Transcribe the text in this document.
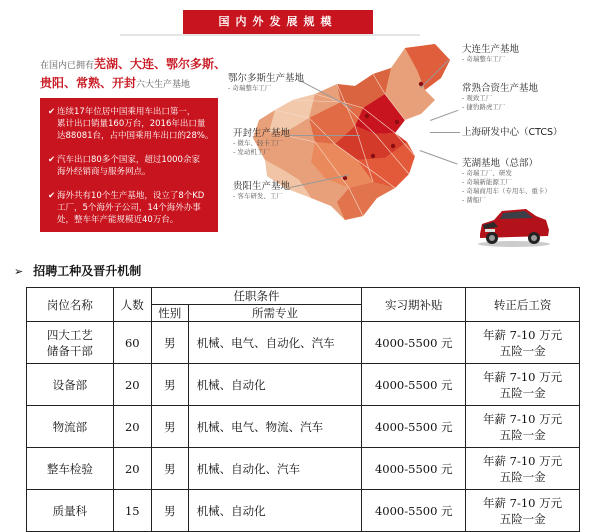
国内外发展规模
在国内已拥有芜湖、大连、鄂尔多斯、
贵阳、常熟、开封六大生产基地
✔ 连续17年位居中国乘用车出口第一，
累计出口销量160万台，2016年出口量
达88081台，占中国乘用车出口的28%。
✔ 汽车出口80多个国家，超过1000余家
海外经销商与服务网点。
✔ 海外共有10个生产基地，设立了8个KD
工厂，5个海外子公司，14个海外办事
处，整车年产能规模近40万台。
鄂尔多斯生产基地
- 奇瑞整车工厂
开封生产基地
- 微车、轻卡工厂
- 发动机工厂
贵阳生产基地
- 客车研发、工厂
大连生产基地
- 奇瑞整车工厂
常熟合资生产基地
- 观致工厂
- 捷豹路虎工厂
上海研发中心（CTCS）
芜湖基地（总部）
- 奇瑞工厂、研发
- 奇瑞新能源工厂
- 奇瑞商用车（专用车、重卡）
- 凿船厂
➢ 招聘工种及晋升机制
岗位名称	人数	任职条件		实习期补贴	转正后工资
		性别	所需专业		
四大工艺
储备干部	60	男	机械、电气、自动化、汽车	4000-5500 元	年薪 7-10 万元
五险一金
设备部	20	男	机械、自动化	4000-5500 元	年薪 7-10 万元
五险一金
物流部	20	男	机械、电气、物流、汽车	4000-5500 元	年薪 7-10 万元
五险一金
整车检验	20	男	机械、自动化、汽车	4000-5500 元	年薪 7-10 万元
五险一金
质量科	15	男	机械、自动化	4000-5500 元	年薪 7-10 万元
五险一金
